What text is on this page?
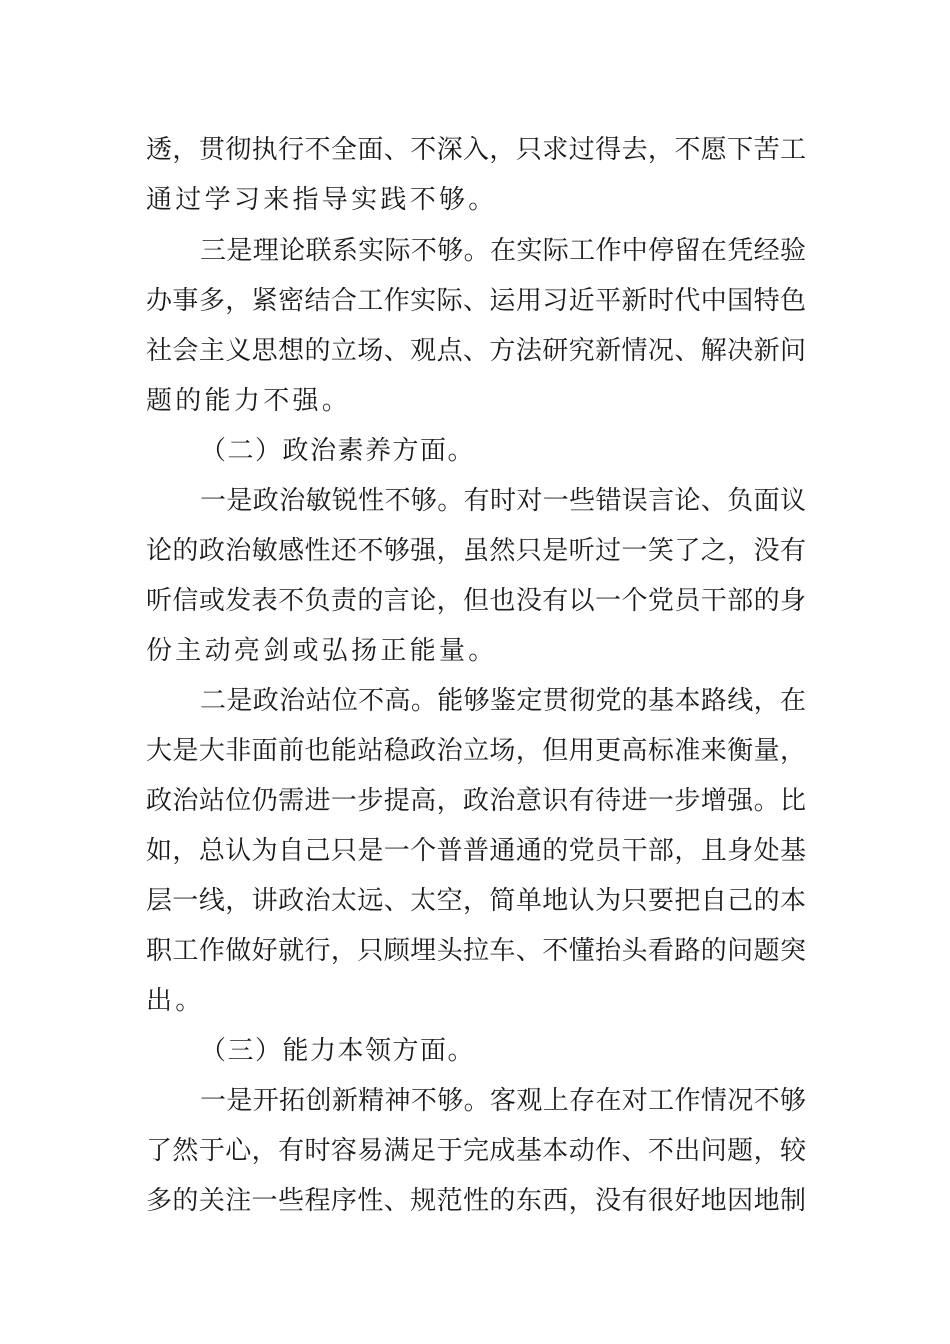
透，贯彻执行不全面、不深入，只求过得去，不愿下苦工
通过学习来指导实践不够。
三是理论联系实际不够。在实际工作中停留在凭经验
办事多，紧密结合工作实际、运用习近平新时代中国特色
社会主义思想的立场、观点、方法研究新情况、解决新问
题的能力不强。
（二）政治素养方面。
一是政治敏锐性不够。有时对一些错误言论、负面议
论的政治敏感性还不够强，虽然只是听过一笑了之，没有
听信或发表不负责的言论，但也没有以一个党员干部的身
份主动亮剑或弘扬正能量。
二是政治站位不高。能够鉴定贯彻党的基本路线，在
大是大非面前也能站稳政治立场，但用更高标准来衡量，
政治站位仍需进一步提高，政治意识有待进一步增强。比
如，总认为自己只是一个普普通通的党员干部，且身处基
层一线，讲政治太远、太空，简单地认为只要把自己的本
职工作做好就行，只顾埋头拉车、不懂抬头看路的问题突
出。
（三）能力本领方面。
一是开拓创新精神不够。客观上存在对工作情况不够
了然于心，有时容易满足于完成基本动作、不出问题，较
多的关注一些程序性、规范性的东西，没有很好地因地制
